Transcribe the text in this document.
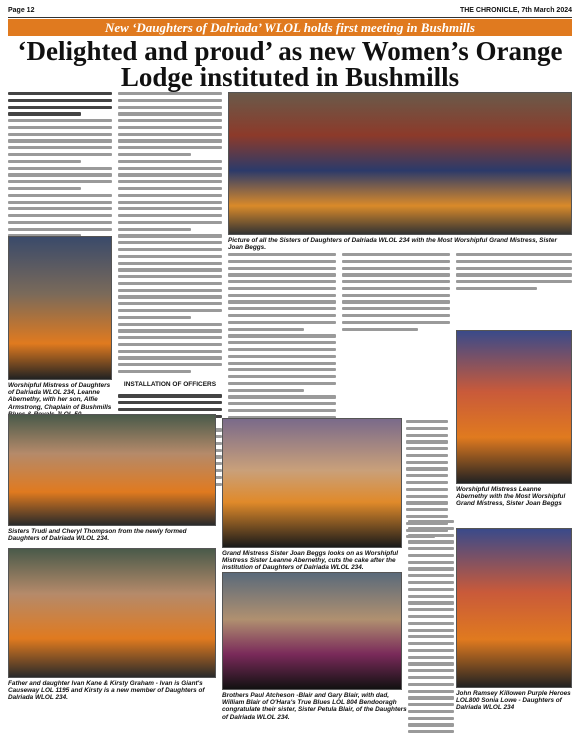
Page 12	THE CHRONICLE, 7th March 2024
New ‘Daughters of Dalriada’ WLOL holds first meeting in Bushmills
‘Delighted and proud’ as new Women’s Orange Lodge instituted in Bushmills
INSTALLATION OF OFFICERS
Picture of all the Sisters of Daughters of Dalriada WLOL 234 with the Most Worshipful Grand Mistress, Sister Joan Beggs.
Worshipful Mistress of Daughters of Dalriada WLOL 234, Leanne Abernethy, with her son, Alfie Armstrong, Chaplain of Bushmills
Sisters Trudi and Cheryl Thompson from the newly formed Daughters of Dalriada WLOL 234.
Father and daughter Ivan Kane & Kirsty Graham - Ivan is Giant's Causeway LOL 1195 and Kirsty is a new member of Daughters of Dalriada WLOL 234.
Grand Mistress Sister Joan Beggs looks on as Worshipful Mistress Sister Leanne Abernethy, cuts the cake after the institution of Daughters of Dalriada WLOL 234.
Brothers Paul Atcheson -Blair and Gary Blair, with dad, William Blair of O'Hara's True Blues LOL 804 Bendooragh congratulate their sister, Sister Petula Blair, of the Daughters of Dalriada WLOL 234.
Worshipful Mistress Leanne Abernethy with the Most Worshipful Grand Mistress, Sister Joan Beggs
John Ramsey Killowen Purple Heroes LOL800 Sonia Lowe - Daughters of Dalriada WLOL 234
